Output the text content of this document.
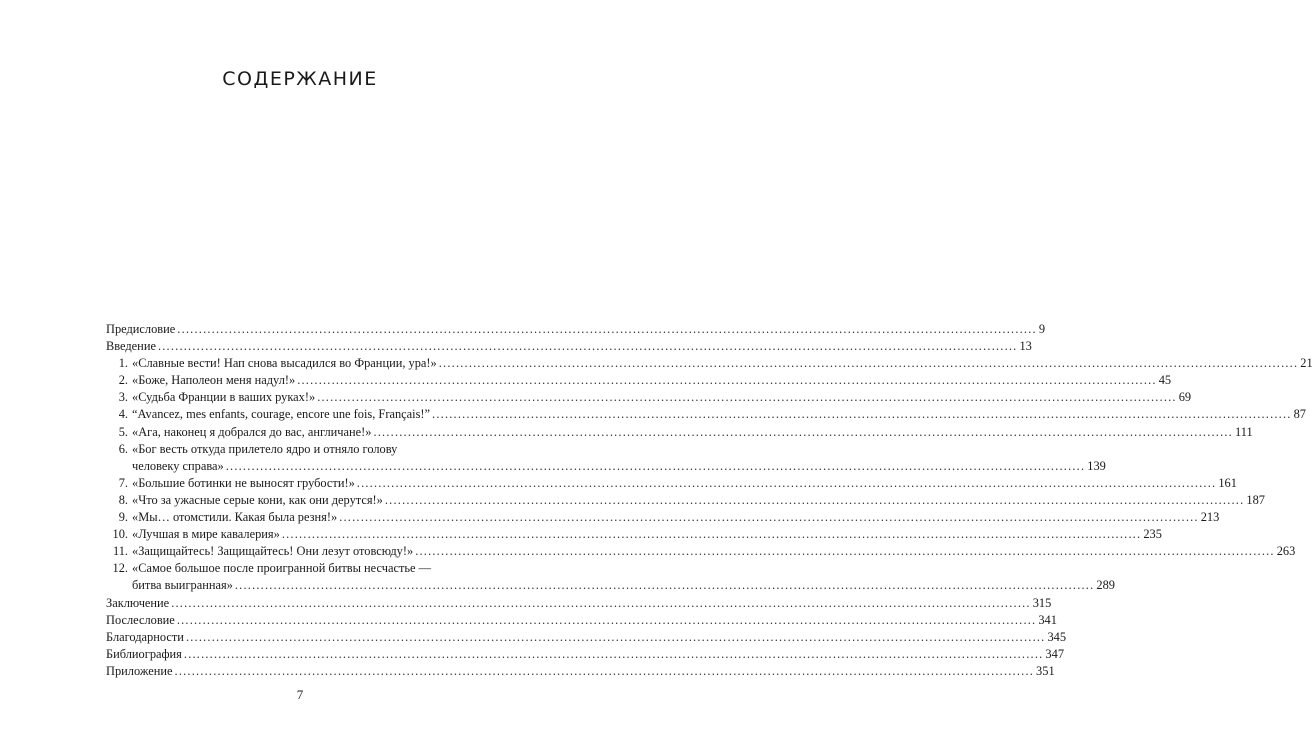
СОДЕРЖАНИЕ
Предисловие ........................................................................................................................................................................................................ 9
Введение ........................................................................................................................................................................................................ 13
1. «Славные вести! Нап снова высадился во Франции, ура!» ........................................................................................................................................................................................................ 21
2. «Боже, Наполеон меня надул!» ........................................................................................................................................................................................................ 45
3. «Судьба Франции в ваших руках!» ........................................................................................................................................................................................................ 69
4. “Avancez, mes enfants, courage, encore une fois, Français!” ........................................................................................................................................................................................................ 87
5. «Ага, наконец я добрался до вас, англичане!» ........................................................................................................................................................................................................ 111
6. «Бог весть откуда прилетело ядро и отняло голову
человеку справа» ........................................................................................................................................................................................................ 139
7. «Большие ботинки не выносят грубости!» ........................................................................................................................................................................................................ 161
8. «Что за ужасные серые кони, как они дерутся!» ........................................................................................................................................................................................................ 187
9. «Мы… отомстили. Какая была резня!» ........................................................................................................................................................................................................ 213
10. «Лучшая в мире кавалерия» ........................................................................................................................................................................................................ 235
11. «Защищайтесь! Защищайтесь! Они лезут отовсюду!» ........................................................................................................................................................................................................ 263
12. «Самое большое после проигранной битвы несчастье —
битва выигранная» ........................................................................................................................................................................................................ 289
Заключение ........................................................................................................................................................................................................ 315
Послесловие ........................................................................................................................................................................................................ 341
Благодарности ........................................................................................................................................................................................................ 345
Библиография ........................................................................................................................................................................................................ 347
Приложение ........................................................................................................................................................................................................ 351
7
